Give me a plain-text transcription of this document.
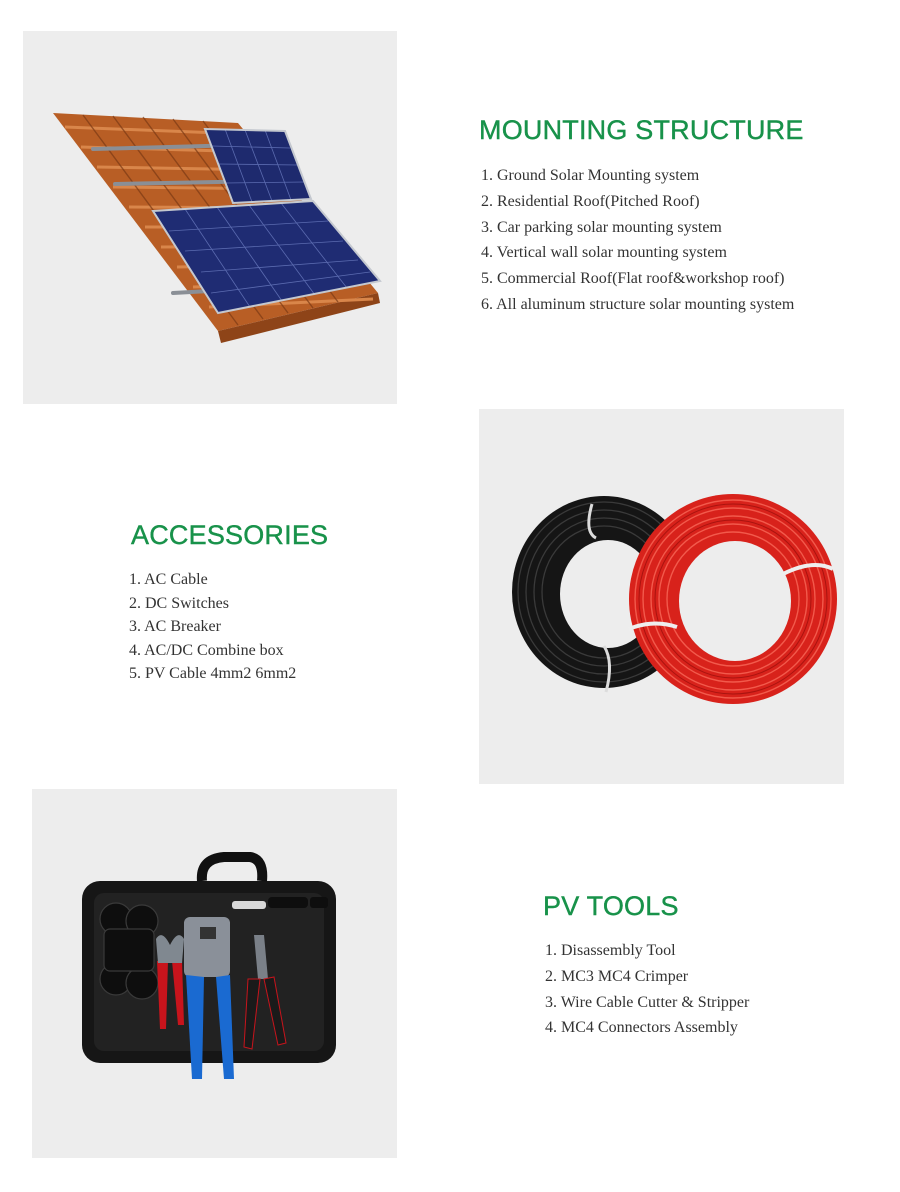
MOUNTING STRUCTURE
1. Ground Solar Mounting system
2. Residential Roof(Pitched Roof)
3. Car parking solar mounting system
4. Vertical wall solar mounting system
5. Commercial Roof(Flat roof&workshop roof)
6. All aluminum structure solar mounting system
ACCESSORIES
1. AC Cable
2. DC Switches
3. AC Breaker
4. AC/DC Combine box
5. PV Cable 4mm2 6mm2
PV TOOLS
1. Disassembly Tool
2. MC3 MC4 Crimper
3. Wire Cable Cutter & Stripper
4. MC4 Connectors Assembly
